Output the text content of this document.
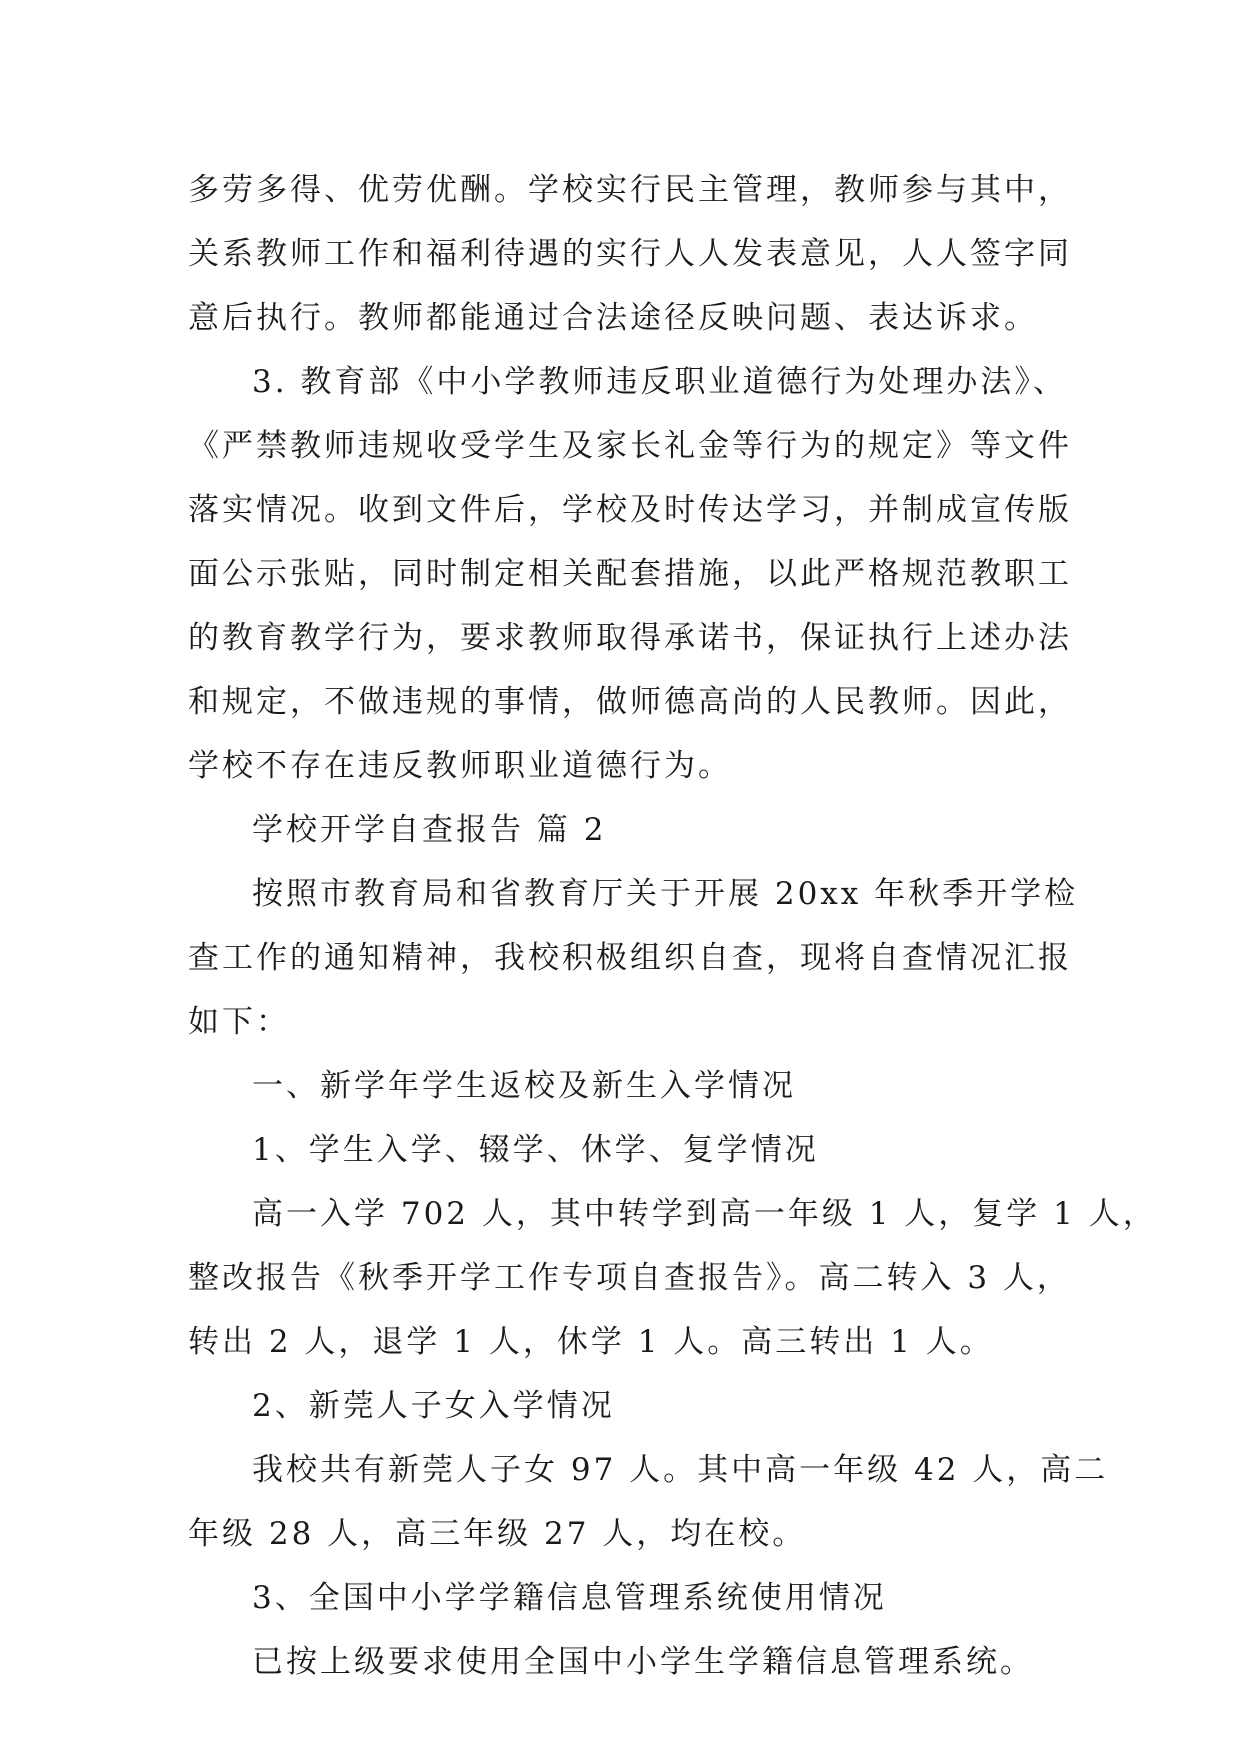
多劳多得、优劳优酬。学校实行民主管理，教师参与其中，
关系教师工作和福利待遇的实行人人发表意见，人人签字同
意后执行。教师都能通过合法途径反映问题、表达诉求。
3. 教育部《中小学教师违反职业道德行为处理办法》、
《严禁教师违规收受学生及家长礼金等行为的规定》等文件
落实情况。收到文件后，学校及时传达学习，并制成宣传版
面公示张贴，同时制定相关配套措施，以此严格规范教职工
的教育教学行为，要求教师取得承诺书，保证执行上述办法
和规定，不做违规的事情，做师德高尚的人民教师。因此，
学校不存在违反教师职业道德行为。
学校开学自查报告 篇 2
按照市教育局和省教育厅关于开展 20xx 年秋季开学检
查工作的通知精神，我校积极组织自查，现将自查情况汇报
如下：
一、新学年学生返校及新生入学情况
1、学生入学、辍学、休学、复学情况
高一入学 702 人，其中转学到高一年级 1 人，复学 1 人，
整改报告《秋季开学工作专项自查报告》。高二转入 3 人，
转出 2 人，退学 1 人，休学 1 人。高三转出 1 人。
2、新莞人子女入学情况
我校共有新莞人子女 97 人。其中高一年级 42 人，高二
年级 28 人，高三年级 27 人，均在校。
3、全国中小学学籍信息管理系统使用情况
已按上级要求使用全国中小学生学籍信息管理系统。
